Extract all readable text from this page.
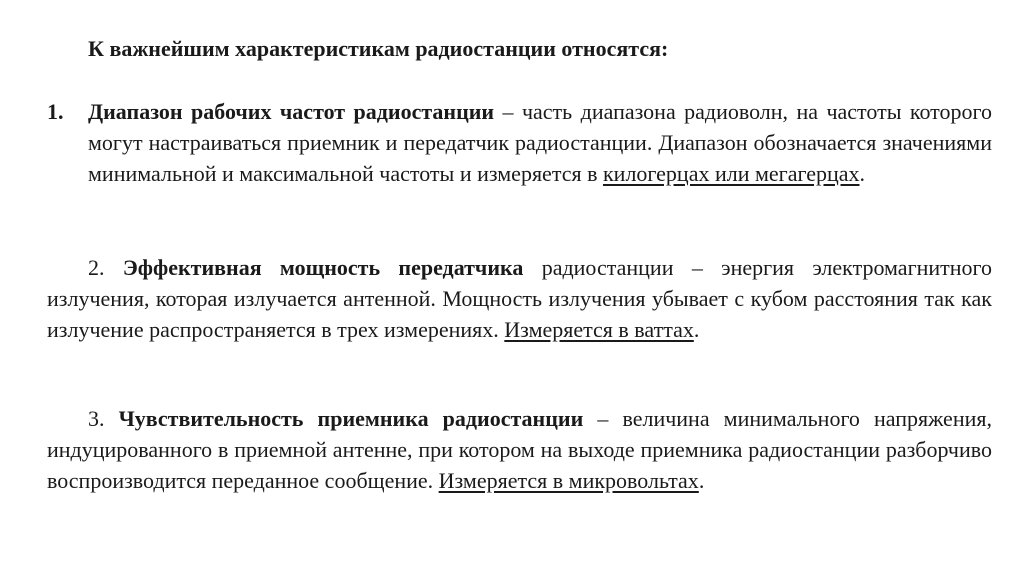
К важнейшим характеристикам радиостанции относятся:
1. Диапазон рабочих частот радиостанции – часть диапазона радиоволн, на частоты которого могут настраиваться приемник и передатчик радиостанции. Диапазон обозначается значениями минимальной и максимальной частоты и измеряется в килогерцах или мегагерцах.
2. Эффективная мощность передатчика радиостанции – энергия электромагнитного излучения, которая излучается антенной. Мощность излучения убывает с кубом расстояния так как излучение распространяется в трех измерениях. Измеряется в ваттах.
3. Чувствительность приемника радиостанции – величина минимального напряжения, индуцированного в приемной антенне, при котором на выходе приемника радиостанции разборчиво воспроизводится переданное сообщение. Измеряется в микровольтах.
